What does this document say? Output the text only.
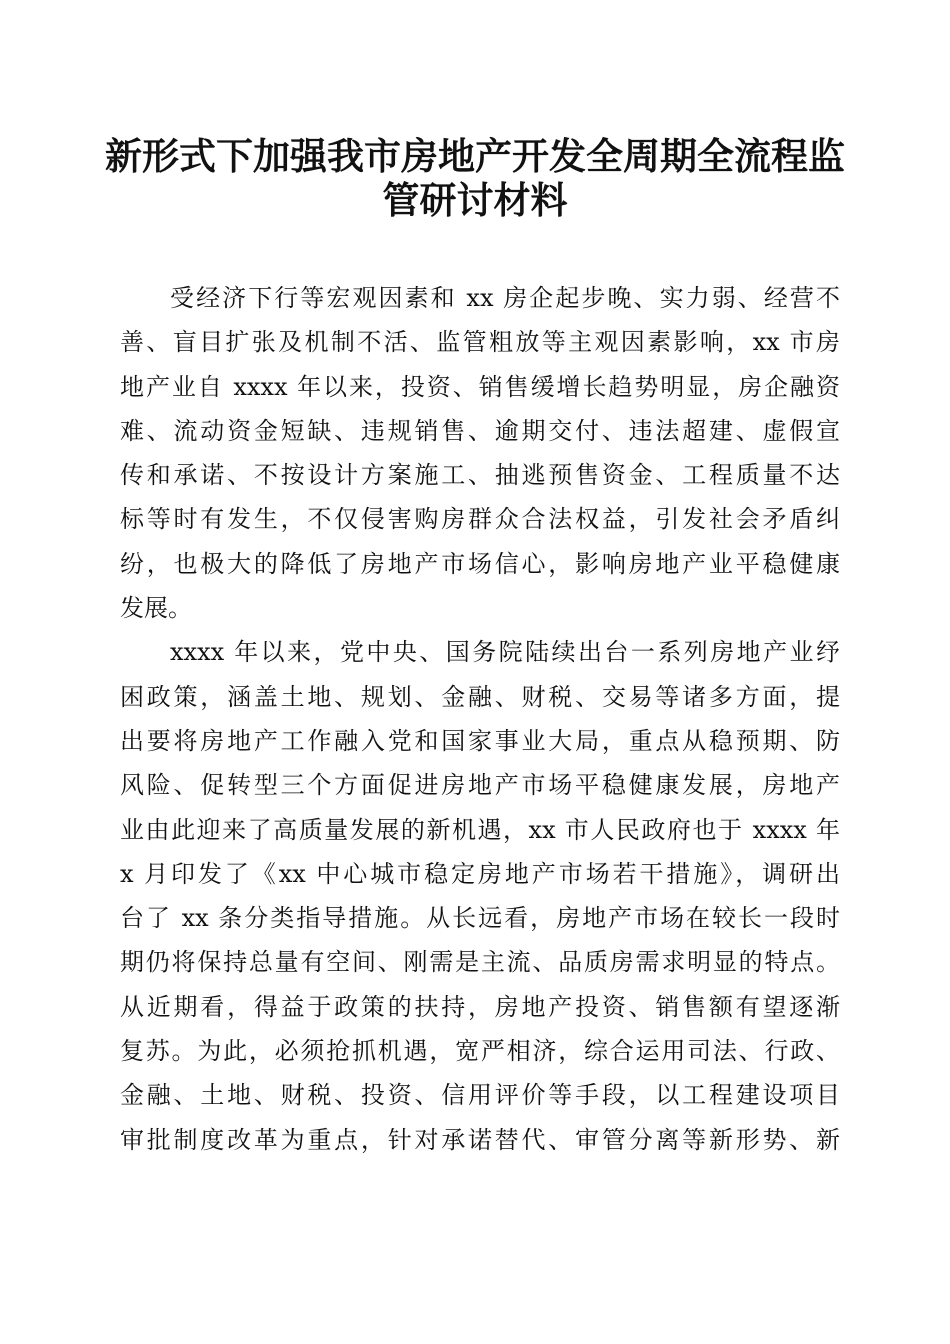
新形式下加强我市房地产开发全周期全流程监
管研讨材料
受经济下行等宏观因素和 xx 房企起步晚、实力弱、经营不
善、盲目扩张及机制不活、监管粗放等主观因素影响，xx 市房
地产业自 xxxx 年以来，投资、销售缓增长趋势明显，房企融资
难、流动资金短缺、违规销售、逾期交付、违法超建、虚假宣
传和承诺、不按设计方案施工、抽逃预售资金、工程质量不达
标等时有发生，不仅侵害购房群众合法权益，引发社会矛盾纠
纷，也极大的降低了房地产市场信心，影响房地产业平稳健康
发展。
xxxx 年以来，党中央、国务院陆续出台一系列房地产业纾
困政策，涵盖土地、规划、金融、财税、交易等诸多方面，提
出要将房地产工作融入党和国家事业大局，重点从稳预期、防
风险、促转型三个方面促进房地产市场平稳健康发展，房地产
业由此迎来了高质量发展的新机遇，xx 市人民政府也于 xxxx 年
x 月印发了《xx 中心城市稳定房地产市场若干措施》，调研出
台了 xx 条分类指导措施。从长远看，房地产市场在较长一段时
期仍将保持总量有空间、刚需是主流、品质房需求明显的特点。
从近期看，得益于政策的扶持，房地产投资、销售额有望逐渐
复苏。为此，必须抢抓机遇，宽严相济，综合运用司法、行政、
金融、土地、财税、投资、信用评价等手段，以工程建设项目
审批制度改革为重点，针对承诺替代、审管分离等新形势、新
